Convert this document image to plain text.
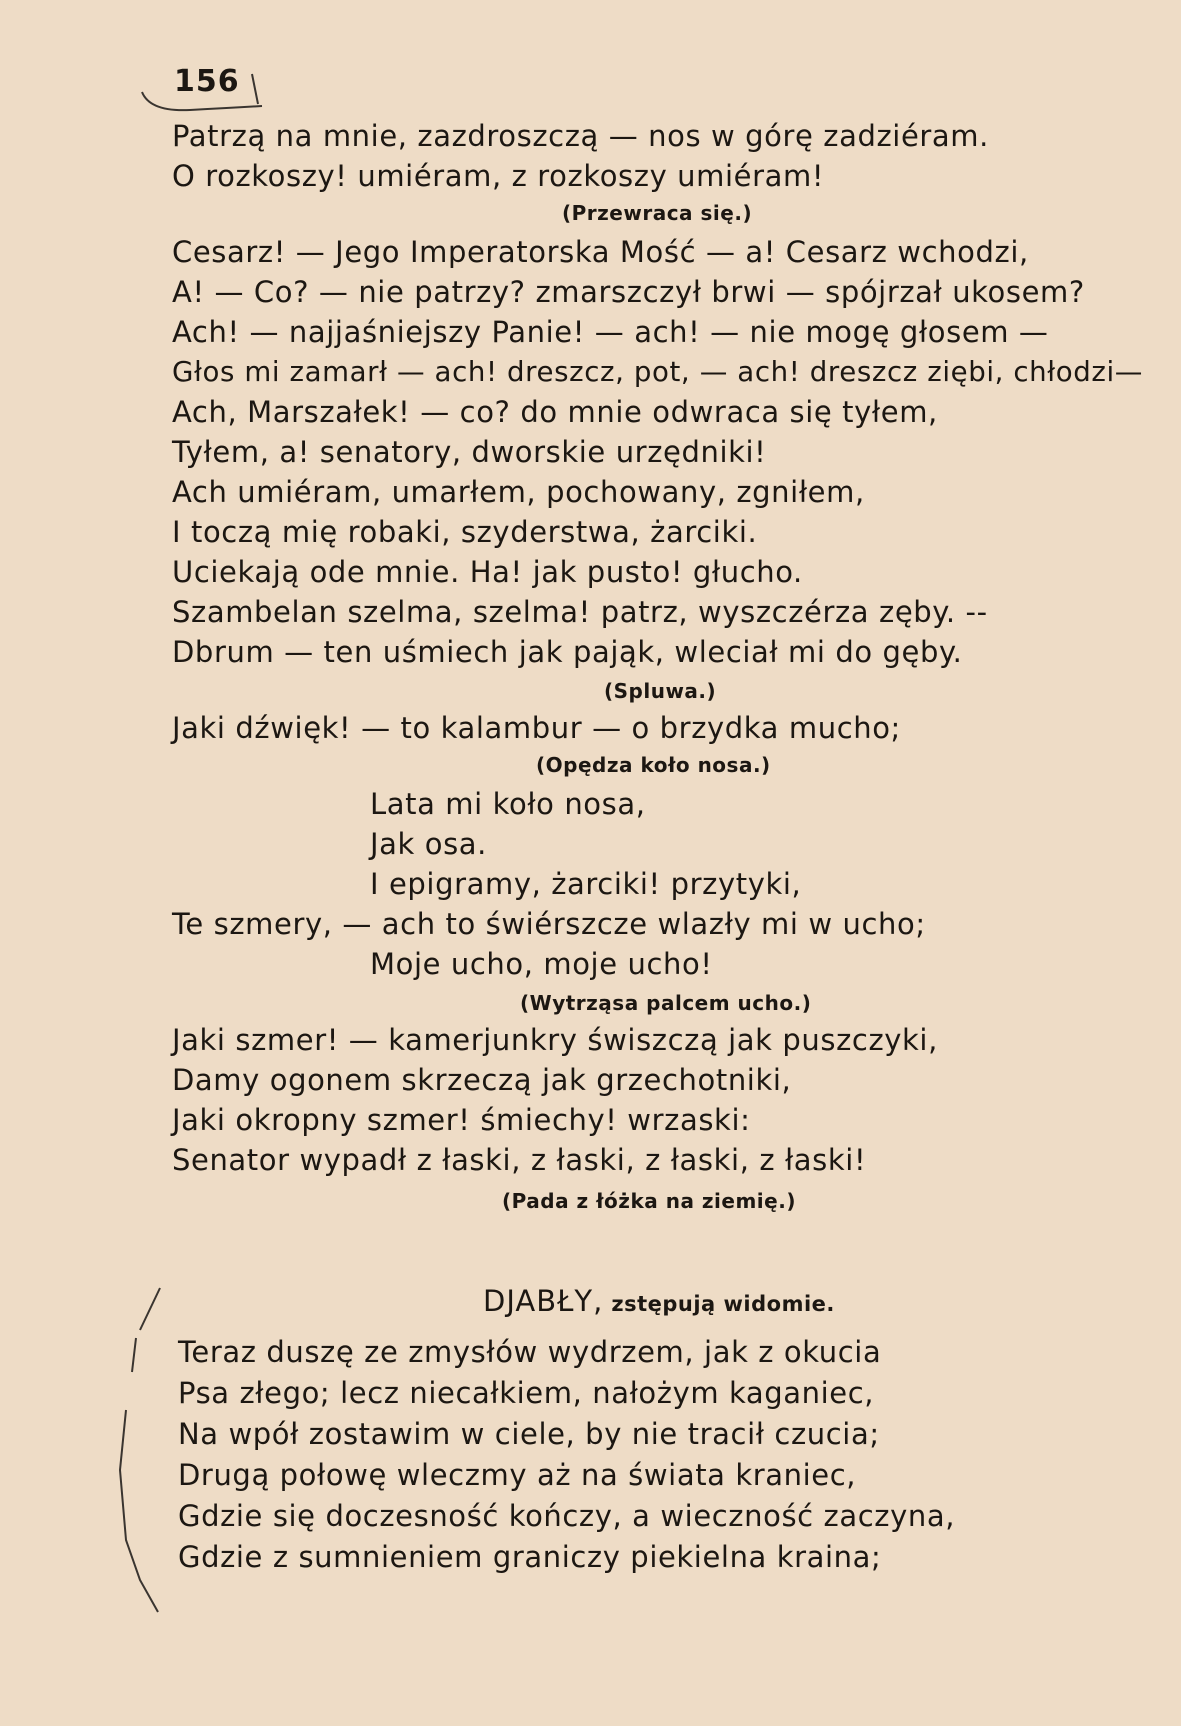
156
Patrzą na mnie, zazdroszczą — nos w górę zadziéram.
O rozkoszy! umiéram, z rozkoszy umiéram!
(Przewraca się.)
Cesarz! — Jego Imperatorska Mość — a! Cesarz wchodzi,
A! — Co? — nie patrzy? zmarszczył brwi — spójrzał ukosem?
Ach! — najjaśniejszy Panie! — ach! — nie mogę głosem —
Głos mi zamarł — ach! dreszcz, pot, — ach! dreszcz ziębi, chłodzi—
Ach, Marszałek! — co? do mnie odwraca się tyłem,
Tyłem, a! senatory, dworskie urzędniki!
Ach umiéram, umarłem, pochowany, zgniłem,
I toczą mię robaki, szyderstwa, żarciki.
Uciekają ode mnie. Ha! jak pusto! głucho.
Szambelan szelma, szelma! patrz, wyszczérza zęby. --
Dbrum — ten uśmiech jak pająk, wleciał mi do gęby.
(Spluwa.)
Jaki dźwięk! — to kalambur — o brzydka mucho;
(Opędza koło nosa.)
Lata mi koło nosa,
Jak osa.
I epigramy, żarciki! przytyki,
Te szmery, — ach to świérszcze wlazły mi w ucho;
Moje ucho, moje ucho!
(Wytrząsa palcem ucho.)
Jaki szmer! — kamerjunkry świszczą jak puszczyki,
Damy ogonem skrzeczą jak grzechotniki,
Jaki okropny szmer! śmiechy! wrzaski:
Senator wypadł z łaski, z łaski, z łaski, z łaski!
(Pada z łóżka na ziemię.)
DJABŁY, zstępują widomie.
Teraz duszę ze zmysłów wydrzem, jak z okucia
Psa złego; lecz niecałkiem, nałożym kaganiec,
Na wpół zostawim w ciele, by nie tracił czucia;
Drugą połowę wleczmy aż na świata kraniec,
Gdzie się doczesność kończy, a wieczność zaczyna,
Gdzie z sumnieniem graniczy piekielna kraina;
